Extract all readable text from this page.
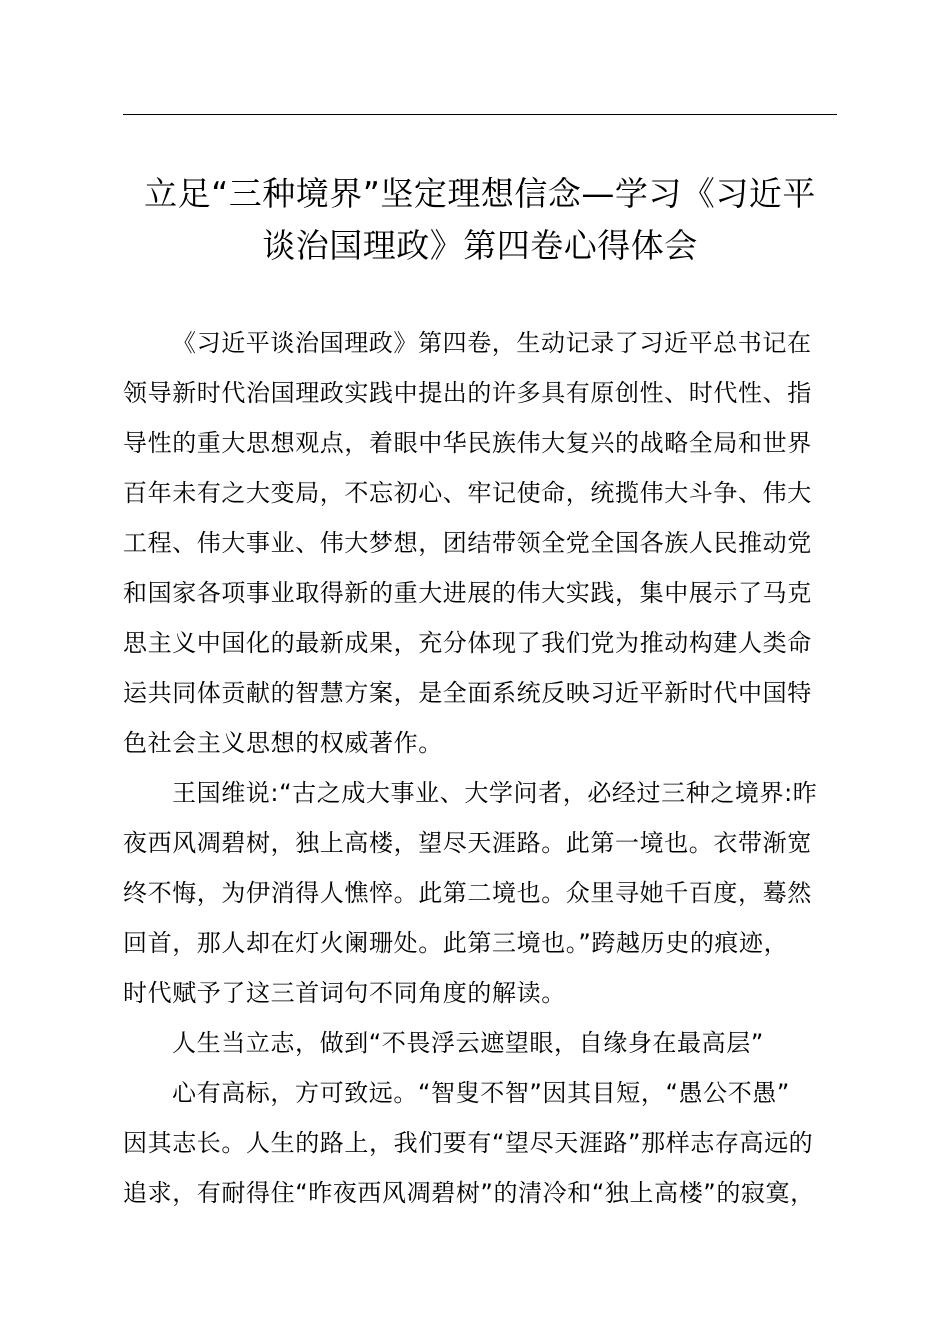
立足“三种境界”坚定理想信念—学习《习近平
谈治国理政》第四卷心得体会

《习近平谈治国理政》第四卷，生动记录了习近平总书记在
领导新时代治国理政实践中提出的许多具有原创性、时代性、指
导性的重大思想观点，着眼中华民族伟大复兴的战略全局和世界
百年未有之大变局，不忘初心、牢记使命，统揽伟大斗争、伟大
工程、伟大事业、伟大梦想，团结带领全党全国各族人民推动党
和国家各项事业取得新的重大进展的伟大实践，集中展示了马克
思主义中国化的最新成果，充分体现了我们党为推动构建人类命
运共同体贡献的智慧方案，是全面系统反映习近平新时代中国特
色社会主义思想的权威著作。

王国维说:“古之成大事业、大学问者，必经过三种之境界:昨
夜西风凋碧树，独上高楼，望尽天涯路。此第一境也。衣带渐宽
终不悔，为伊消得人憔悴。此第二境也。众里寻她千百度，蓦然
回首，那人却在灯火阑珊处。此第三境也。”跨越历史的痕迹，
时代赋予了这三首词句不同角度的解读。

人生当立志，做到“不畏浮云遮望眼，自缘身在最高层”

心有高标，方可致远。“智叟不智”因其目短，“愚公不愚”
因其志长。人生的路上，我们要有“望尽天涯路”那样志存高远的
追求，有耐得住“昨夜西风凋碧树”的清冷和“独上高楼”的寂寞，
